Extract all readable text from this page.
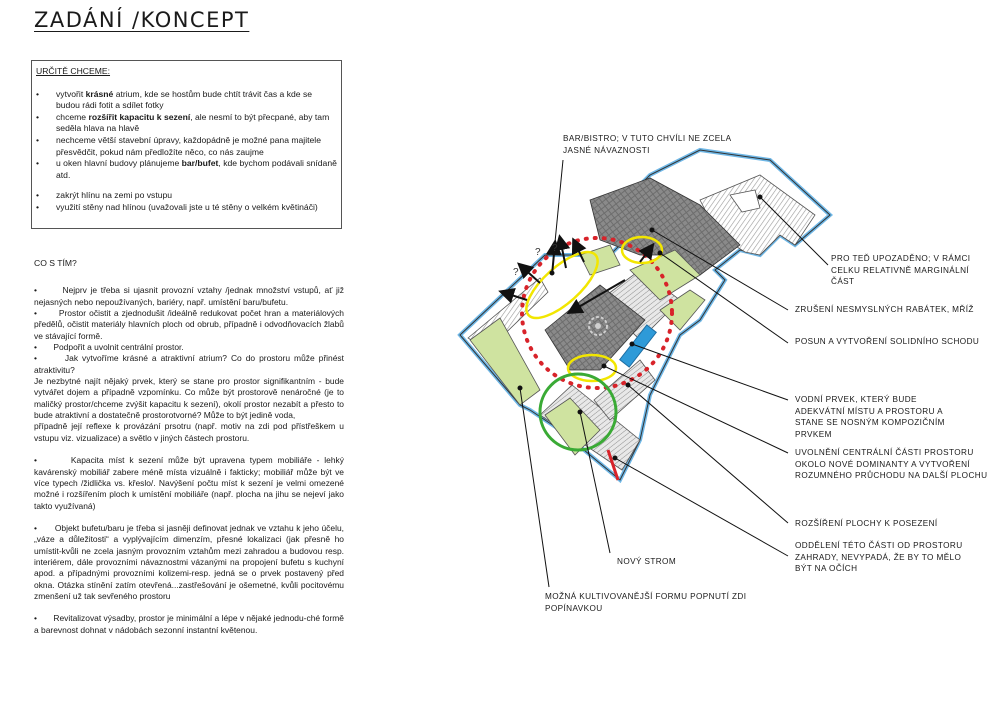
ZADÁNÍ /KONCEPT
URČITĚ CHCEME:
•	vytvořit krásné atrium, kde se hostům bude chtít trávit čas a kde se budou rádi fotit a sdílet fotky
•	chceme rozšířit kapacitu k sezení, ale nesmí to být přecpané, aby tam seděla hlava na hlavě
•	nechceme větší stavební úpravy, každopádně je možné pana majitele přesvědčit, pokud nám předložíte něco, co nás zaujme
•	u oken hlavní budovy plánujeme bar/bufet, kde bychom podávali snídaně atd.
•	zakrýt hlínu na zemi po vstupu
•	využití stěny nad hlínou (uvažovali jste u té stěny o velkém květináči)
CO S TÍM?

•       Nejprv je třeba si ujasnit provozní vztahy /jednak množství vstupů, ať již nejasných nebo nepoužívaných, bariéry, např. umístění baru/bufetu.

•       Prostor očistit a zjednodušit /ideálně redukovat počet hran a materiálových předělů, očistit materiály hlavních ploch od obrub, případně i odvodňovacích žlabů ve stávající formě.

•       Podpořit a uvolnit centrální prostor.

•       Jak vytvoříme krásné a atraktivní atrium? Co do prostoru může přinést atraktivitu?

Je nezbytné najít nějaký prvek, který se stane pro prostor signifikantním - bude vytvářet dojem a případně vzpomínku. Co může být prostorově nenáročné (je to maličký prostor/chceme zvýšit kapacitu k sezení), okolí prostor nezabít a přesto to bude atraktivní a dostatečně prostorotvorné? Může to být jedině voda,

případně její reflexe k provázání prsotru (např. motiv na zdi pod přístřeškem u vstupu viz. vizualizace) a světlo v jiných částech prostoru.

•       Kapacita míst k sezení může být upravena typem mobiliáře - lehký kavárenský mobiliář zabere méně místa vizuálně i fakticky; mobiliář může být ve více typech /židlička vs. křeslo/. Navýšení počtu míst k sezení je velmi omezené možné i rozšířením ploch k umístění mobiliáře (např. plocha na jihu se nejeví jako takto využívaná)

•       Objekt bufetu/baru je třeba si jasněji definovat jednak ve vztahu k jeho účelu, „váze a důležitosti“ a vyplývajícím dimenzím, přesné lokalizaci (jak přesně ho umístit-kvůli ne zcela jasným provozním vztahům mezi zahradou a budovou resp. interiérem, dále provozními návaznostmi vázanými na propojení bufetu s kuchyní apod. a případnými provozními kolizemi-resp. jedná se o prvek postavený před okna. Otázka stínění zatím otevřená...zastřešování je ošemetné, kvůli pocitovému zmenšení už tak sevřeného prostoru

•       Revitalizovat výsadby, prostor je minimální a lépe v nějaké jednodu-ché formě a barevnost dohnat v nádobách sezonní instantní květenou.

?
? ?
BAR/BISTRO; V TUTO CHVÍLI NE ZCELA JASNÉ NÁVAZNOSTI
PRO TEĎ UPOZADĚNO; V RÁMCI CELKU RELATIVNĚ MARGINÁLNÍ ČÁST
ZRUŠENÍ NESMYSLNÝCH RABÁTEK, MŘÍŽ
POSUN A VYTVOŘENÍ SOLIDNÍHO SCHODU
VODNÍ PRVEK, KTERÝ BUDE ADEKVÁTNÍ MÍSTU A PROSTORU A STANE SE NOSNÝM KOMPOZIČNÍM PRVKEM
UVOLNĚNÍ CENTRÁLNÍ ČÁSTI PROSTORU OKOLO NOVÉ DOMINANTY A VYTVOŘENÍ ROZUMNÉHO PRŮCHODU NA DALŠÍ PLOCHU
ROZŠÍŘENÍ PLOCHY K POSEZENÍ
ODDĚLENÍ TÉTO ČÁSTI OD PROSTORU ZAHRADY, NEVYPADÁ, ŽE BY TO MĚLO BÝT NA OČÍCH
NOVÝ STROM
MOŽNÁ KULTIVOVANĚJŠÍ FORMU POPNUTÍ ZDI POPÍNAVKOU
